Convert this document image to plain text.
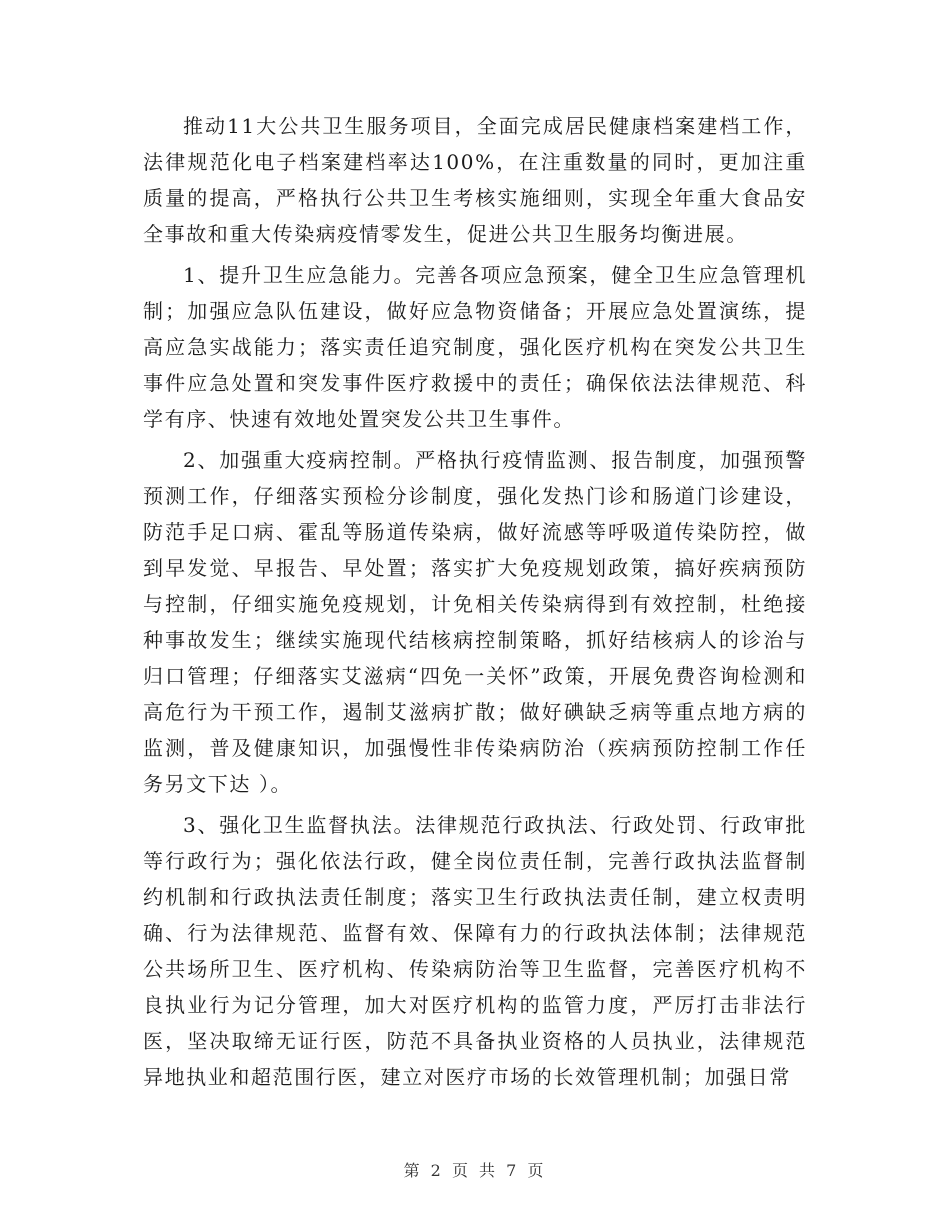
推动11大公共卫生服务项目，全面完成居民健康档案建档工作，法律规范化电子档案建档率达100%，在注重数量的同时，更加注重质量的提高，严格执行公共卫生考核实施细则，实现全年重大食品安全事故和重大传染病疫情零发生，促进公共卫生服务均衡进展。

1、提升卫生应急能力。完善各项应急预案，健全卫生应急管理机制；加强应急队伍建设，做好应急物资储备；开展应急处置演练，提高应急实战能力；落实责任追究制度，强化医疗机构在突发公共卫生事件应急处置和突发事件医疗救援中的责任；确保依法法律规范、科学有序、快速有效地处置突发公共卫生事件。

2、加强重大疫病控制。严格执行疫情监测、报告制度，加强预警预测工作，仔细落实预检分诊制度，强化发热门诊和肠道门诊建设，防范手足口病、霍乱等肠道传染病，做好流感等呼吸道传染防控，做到早发觉、早报告、早处置；落实扩大免疫规划政策，搞好疾病预防与控制，仔细实施免疫规划，计免相关传染病得到有效控制，杜绝接种事故发生；继续实施现代结核病控制策略，抓好结核病人的诊治与归口管理；仔细落实艾滋病“四免一关怀”政策，开展免费咨询检测和高危行为干预工作，遏制艾滋病扩散；做好碘缺乏病等重点地方病的监测，普及健康知识，加强慢性非传染病防治（疾病预防控制工作任务另文下达 ）。

3、强化卫生监督执法。法律规范行政执法、行政处罚、行政审批等行政行为；强化依法行政，健全岗位责任制，完善行政执法监督制约机制和行政执法责任制度；落实卫生行政执法责任制，建立权责明确、行为法律规范、监督有效、保障有力的行政执法体制；法律规范公共场所卫生、医疗机构、传染病防治等卫生监督，完善医疗机构不良执业行为记分管理，加大对医疗机构的监管力度，严厉打击非法行医，坚决取缔无证行医，防范不具备执业资格的人员执业，法律规范异地执业和超范围行医，建立对医疗市场的长效管理机制；加强日常

第 2 页 共 7 页
